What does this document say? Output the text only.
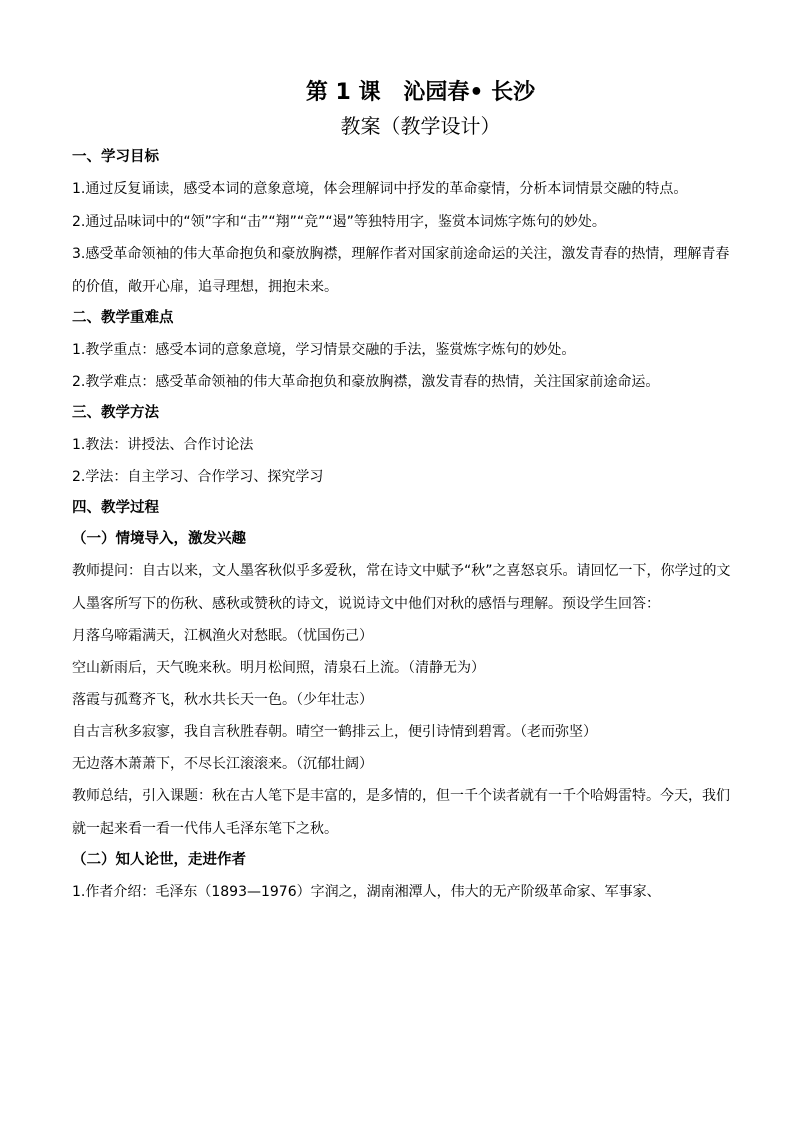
第 1 课   沁园春• 长沙
教案（教学设计）
一、学习目标
1.通过反复诵读，感受本词的意象意境，体会理解词中抒发的革命豪情，分析本词情景交融的特点。
2.通过品味词中的“领”字和“击”“翔”“竞”“遏”等独特用字，鉴赏本词炼字炼句的妙处。
3.感受革命领袖的伟大革命抱负和豪放胸襟，理解作者对国家前途命运的关注，激发青春的热情，理解青春的价值，敞开心扉，追寻理想，拥抱未来。
二、教学重难点
1.教学重点：感受本词的意象意境，学习情景交融的手法，鉴赏炼字炼句的妙处。
2.教学难点：感受革命领袖的伟大革命抱负和豪放胸襟，激发青春的热情，关注国家前途命运。
三、教学方法
1.教法：讲授法、合作讨论法
2.学法：自主学习、合作学习、探究学习
四、教学过程
（一）情境导入，激发兴趣
教师提问：自古以来，文人墨客秋似乎多爱秋，常在诗文中赋予“秋”之喜怒哀乐。请回忆一下，你学过的文人墨客所写下的伤秋、感秋或赞秋的诗文，说说诗文中他们对秋的感悟与理解。预设学生回答：
月落乌啼霜满天，江枫渔火对愁眠。（忧国伤己）
空山新雨后，天气晚来秋。明月松间照，清泉石上流。（清静无为）
落霞与孤鹜齐飞，秋水共长天一色。（少年壮志）
自古言秋多寂寥，我自言秋胜春朝。晴空一鹤排云上，便引诗情到碧霄。（老而弥坚）
无边落木萧萧下，不尽长江滚滚来。（沉郁壮阔）
教师总结，引入课题：秋在古人笔下是丰富的，是多情的，但一千个读者就有一千个哈姆雷特。今天，我们就一起来看一看一代伟人毛泽东笔下之秋。
（二）知人论世，走进作者
1.作者介绍：毛泽东（1893—1976）字润之，湖南湘潭人，伟大的无产阶级革命家、军事家、
